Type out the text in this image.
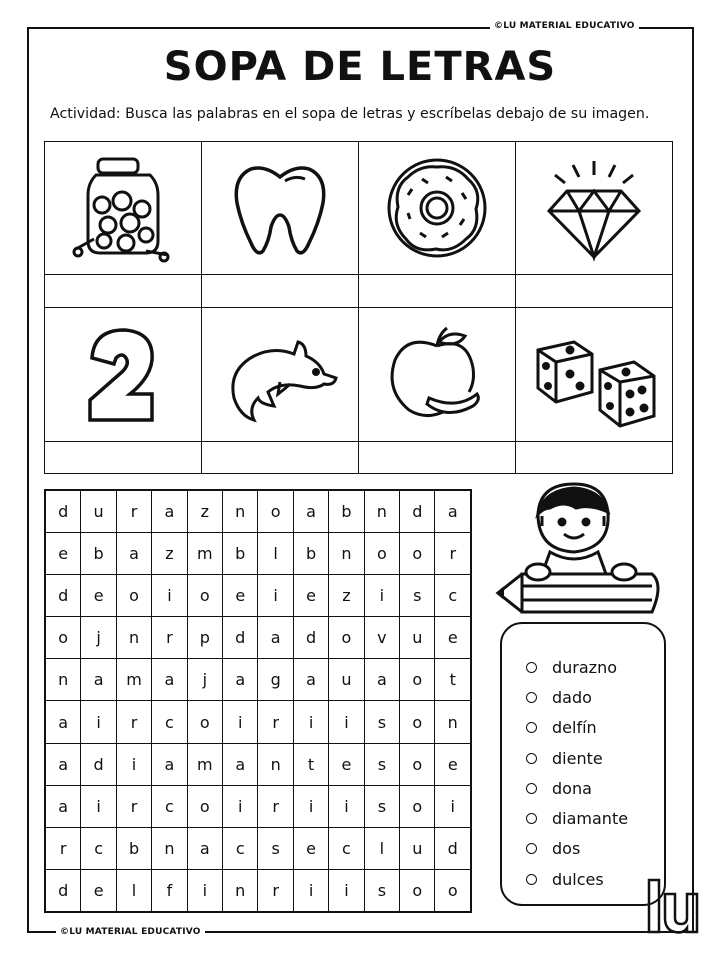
©LU MATERIAL EDUCATIVO
©LU MATERIAL EDUCATIVO
SOPA DE LETRAS

Actividad: Busca las palabras en el sopa de letras y escríbelas debajo de su imagen.

d	u	r	a	z	n	o	a	b	n	d	a
e	b	a	z	m	b	l	b	n	o	o	r
d	e	o	i	o	e	i	e	z	i	s	c
o	j	n	r	p	d	a	d	o	v	u	e
n	a	m	a	j	a	g	a	u	a	o	t
a	i	r	c	o	i	r	i	i	s	o	n
a	d	i	a	m	a	n	t	e	s	o	e
a	i	r	c	o	i	r	i	i	s	o	i
r	c	b	n	a	c	s	e	c	l	u	d
d	e	l	f	i	n	r	i	i	s	o	o
durazno
dado
delfín
diente
dona
diamante
dos
dulces
